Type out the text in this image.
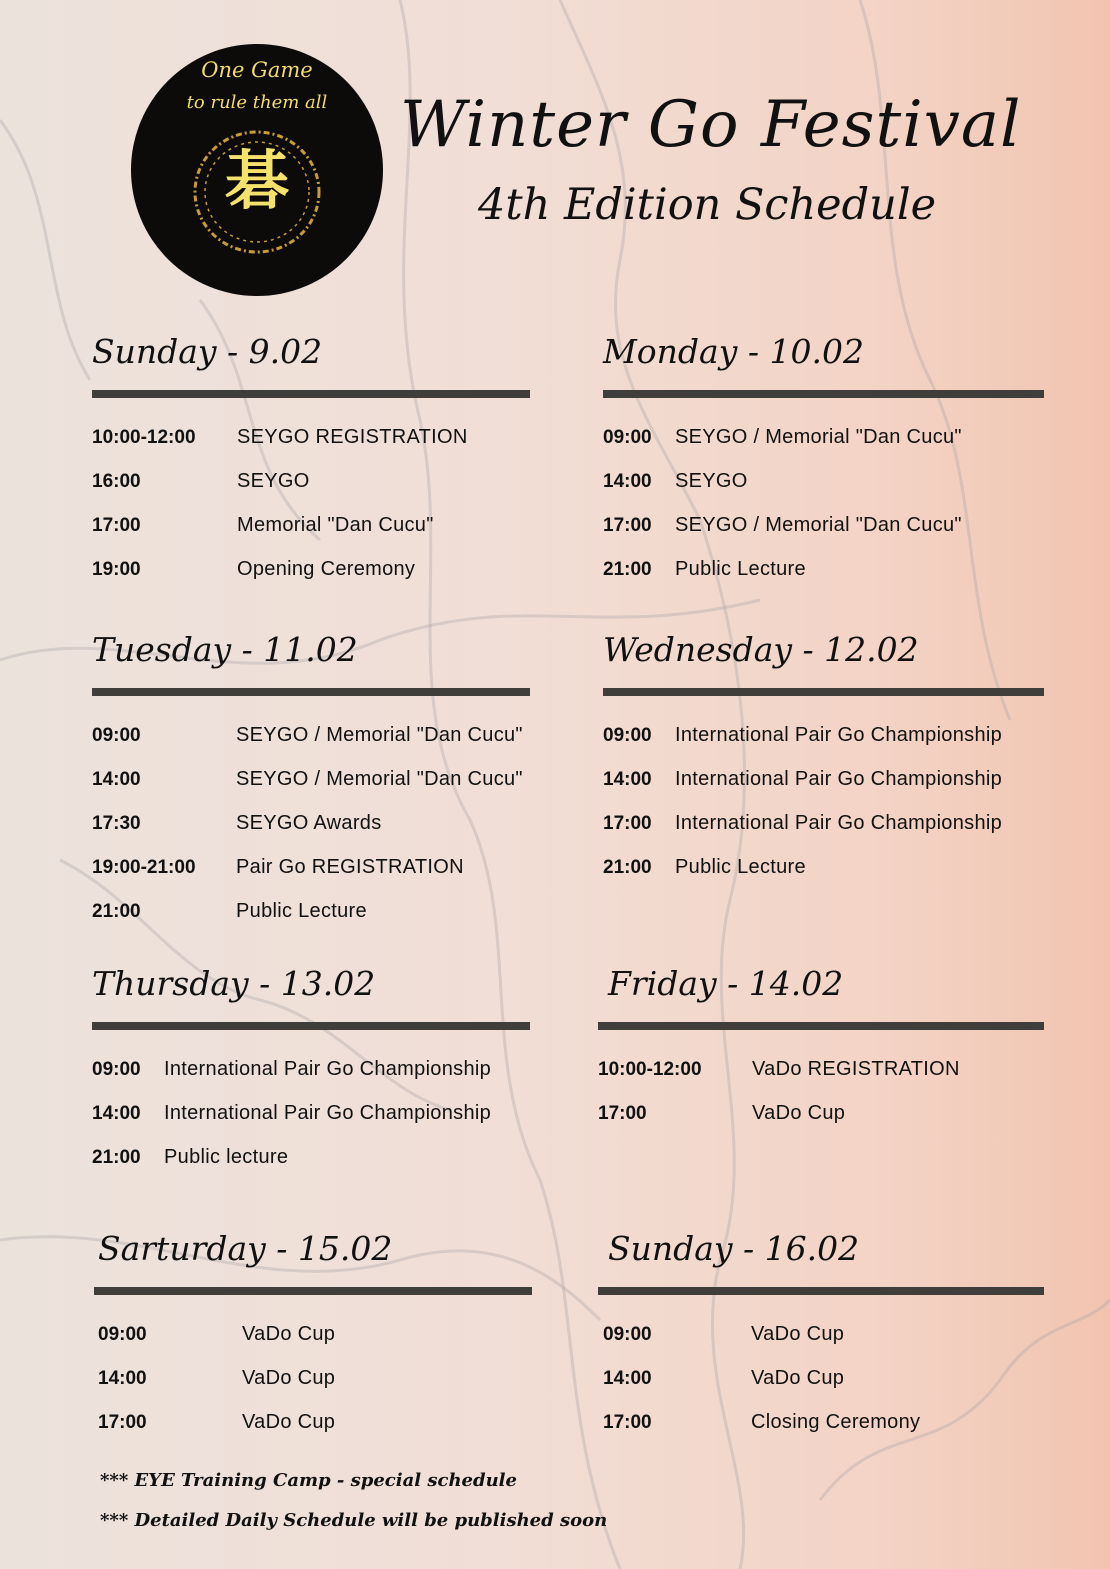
One Game
to rule them all
碁
Winter Go Festival
4th Edition Schedule
Sunday - 9.02
10:00-12:00	SEYGO REGISTRATION
16:00	SEYGO
17:00	Memorial "Dan Cucu"
19:00	Opening Ceremony
Monday - 10.02
09:00	SEYGO / Memorial "Dan Cucu"
14:00	SEYGO
17:00	SEYGO / Memorial "Dan Cucu"
21:00	Public Lecture
Tuesday - 11.02
09:00	SEYGO / Memorial "Dan Cucu"
14:00	SEYGO / Memorial "Dan Cucu"
17:30	SEYGO Awards
19:00-21:00	Pair Go REGISTRATION
21:00	Public Lecture
Wednesday - 12.02
09:00	International Pair Go Championship
14:00	International Pair Go Championship
17:00	International Pair Go Championship
21:00	Public Lecture
Thursday - 13.02
09:00	International Pair Go Championship
14:00	International Pair Go Championship
21:00	Public lecture
Friday - 14.02
10:00-12:00	VaDo REGISTRATION
17:00	VaDo Cup
Sarturday - 15.02
09:00	VaDo Cup
14:00	VaDo Cup
17:00	VaDo Cup
Sunday - 16.02
09:00	VaDo Cup
14:00	VaDo Cup
17:00	Closing Ceremony
*** EYE Training Camp - special schedule
*** Detailed Daily Schedule will be published soon
